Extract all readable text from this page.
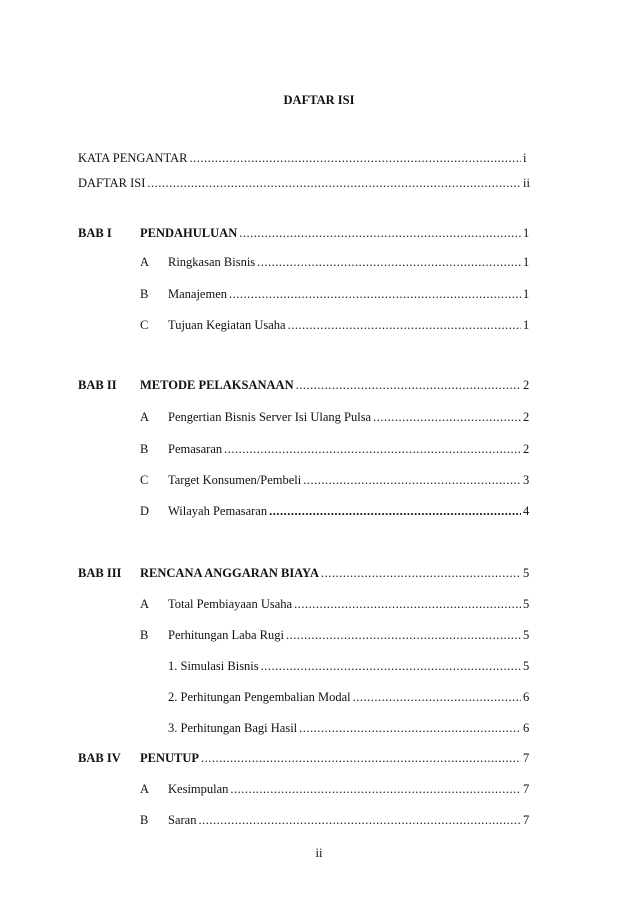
DAFTAR ISI
KATA PENGANTAR .....	i
DAFTAR ISI .....	ii
BAB I PENDAHULUAN .....	1
A Ringkasan Bisnis .....	1
B Manajemen .....	1
C Tujuan Kegiatan Usaha .....	1
BAB II METODE PELAKSANAAN .....	2
A Pengertian Bisnis Server Isi Ulang Pulsa .....	2
B Pemasaran .....	2
C Target Konsumen/Pembeli .....	3
D Wilayah Pemasaran .....	4
BAB III RENCANA ANGGARAN BIAYA .....	5
A Total Pembiayaan Usaha .....	5
B Perhitungan Laba Rugi .....	5
1. Simulasi Bisnis .....	5
2. Perhitungan Pengembalian Modal .....	6
3. Perhitungan Bagi Hasil .....	6
BAB IV PENUTUP .....	7
A Kesimpulan .....	7
B Saran .....	7
ii
